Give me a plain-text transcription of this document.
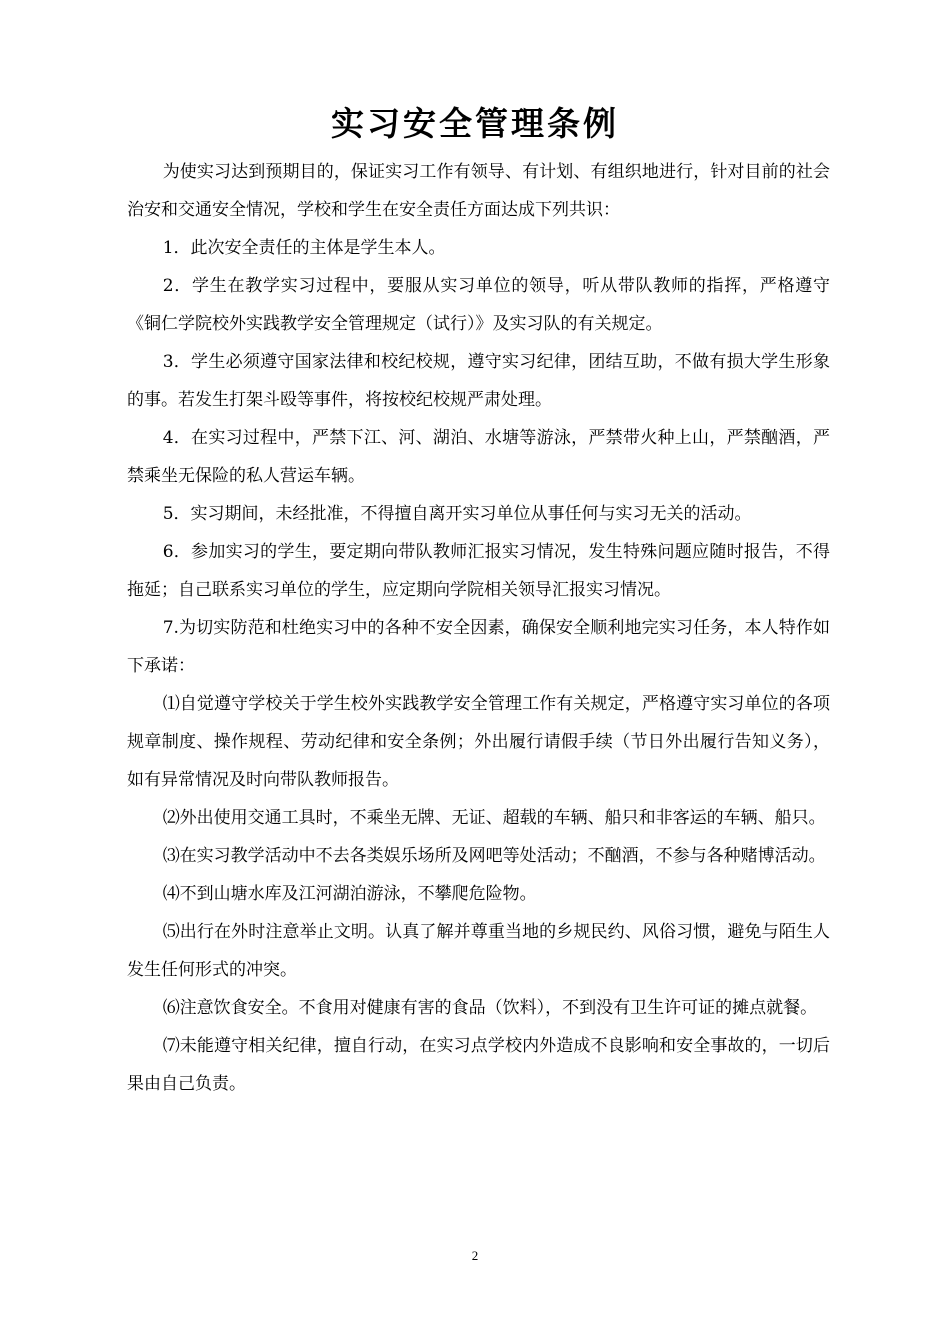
实习安全管理条例

为使实习达到预期目的，保证实习工作有领导、有计划、有组织地进行，针对目前的社会治安和交通安全情况，学校和学生在安全责任方面达成下列共识：

1．此次安全责任的主体是学生本人。

2．学生在教学实习过程中，要服从实习单位的领导，听从带队教师的指挥，严格遵守《铜仁学院校外实践教学安全管理规定（试行）》及实习队的有关规定。

3．学生必须遵守国家法律和校纪校规，遵守实习纪律，团结互助，不做有损大学生形象的事。若发生打架斗殴等事件，将按校纪校规严肃处理。

4．在实习过程中，严禁下江、河、湖泊、水塘等游泳，严禁带火种上山，严禁酗酒，严禁乘坐无保险的私人营运车辆。

5．实习期间，未经批准，不得擅自离开实习单位从事任何与实习无关的活动。

6．参加实习的学生，要定期向带队教师汇报实习情况，发生特殊问题应随时报告，不得拖延；自己联系实习单位的学生，应定期向学院相关领导汇报实习情况。

7.为切实防范和杜绝实习中的各种不安全因素，确保安全顺利地完实习任务，本人特作如下承诺：

⑴自觉遵守学校关于学生校外实践教学安全管理工作有关规定，严格遵守实习单位的各项规章制度、操作规程、劳动纪律和安全条例；外出履行请假手续（节日外出履行告知义务），如有异常情况及时向带队教师报告。

⑵外出使用交通工具时，不乘坐无牌、无证、超载的车辆、船只和非客运的车辆、船只。

⑶在实习教学活动中不去各类娱乐场所及网吧等处活动；不酗酒，不参与各种赌博活动。

⑷不到山塘水库及江河湖泊游泳，不攀爬危险物。

⑸出行在外时注意举止文明。认真了解并尊重当地的乡规民约、风俗习惯，避免与陌生人发生任何形式的冲突。

⑹注意饮食安全。不食用对健康有害的食品（饮料），不到没有卫生许可证的摊点就餐。

⑺未能遵守相关纪律，擅自行动，在实习点学校内外造成不良影响和安全事故的，一切后果由自己负责。

2
